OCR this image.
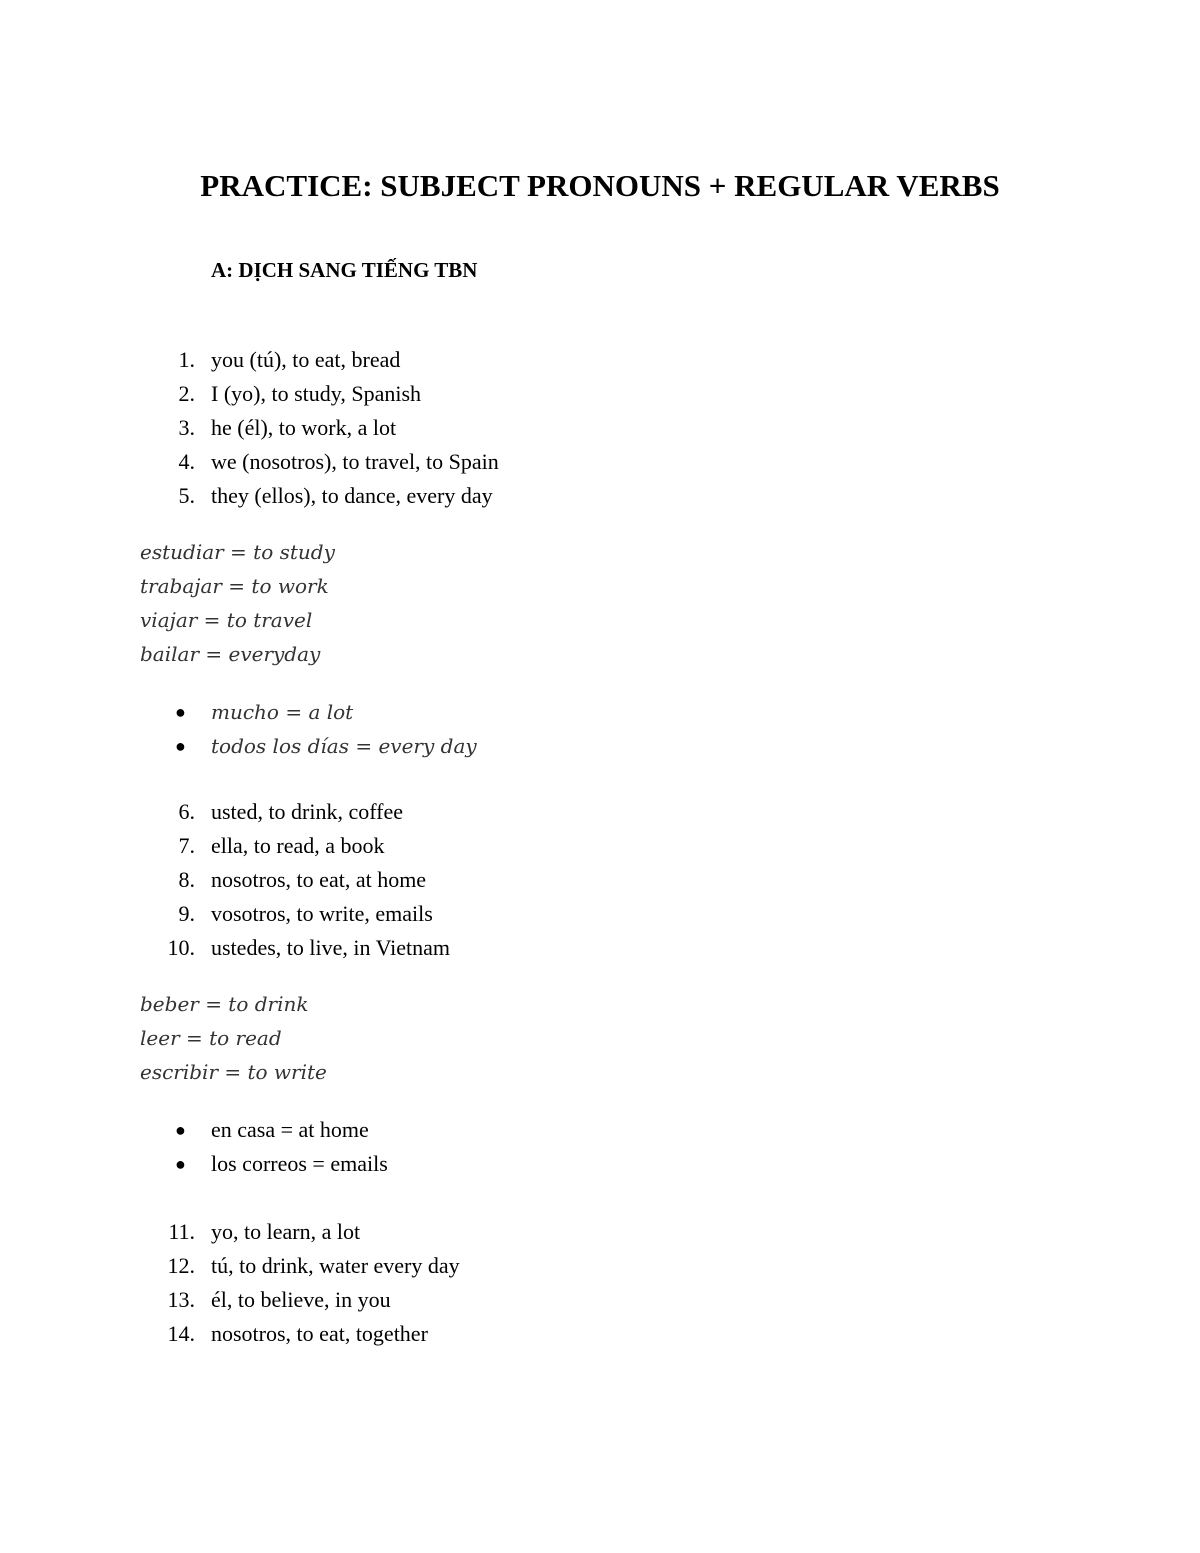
PRACTICE: SUBJECT PRONOUNS + REGULAR VERBS
A: DỊCH SANG TIẾNG TBN
1. you (tú), to eat, bread
2. I (yo), to study, Spanish
3. he (él), to work, a lot
4. we (nosotros), to travel, to Spain
5. they (ellos), to dance, every day
estudiar = to study
trabajar = to work
viajar = to travel
bailar = everyday
● mucho = a lot
● todos los días = every day
6. usted, to drink, coffee
7. ella, to read, a book
8. nosotros, to eat, at home
9. vosotros, to write, emails
10. ustedes, to live, in Vietnam
beber = to drink
leer = to read
escribir = to write
● en casa = at home
● los correos = emails
11. yo, to learn, a lot
12. tú, to drink, water every day
13. él, to believe, in you
14. nosotros, to eat, together
